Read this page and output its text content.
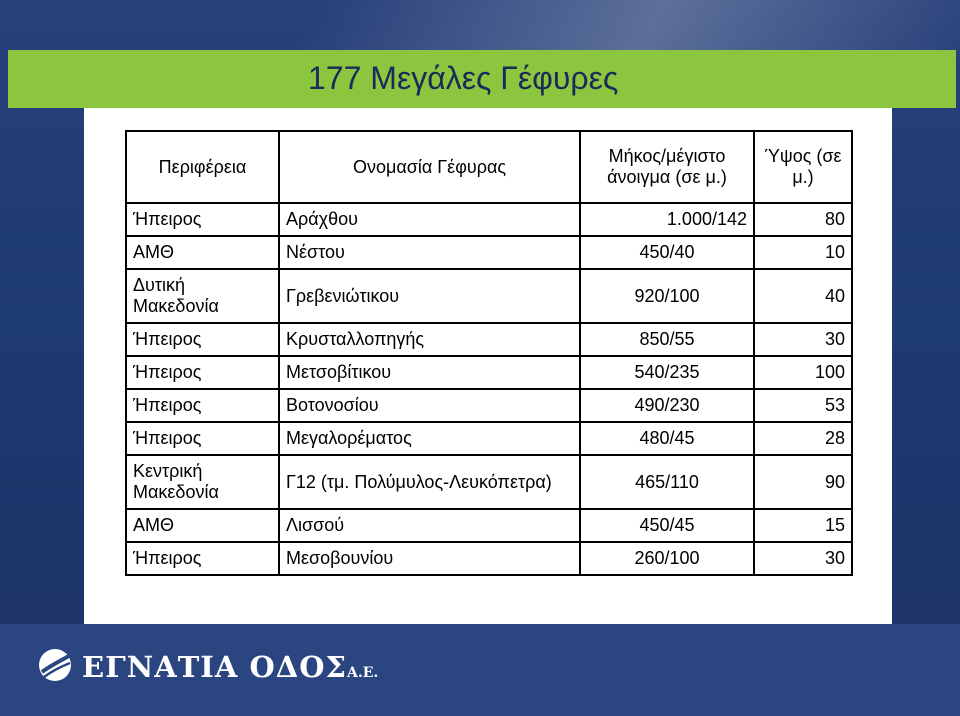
177 Μεγάλες Γέφυρες
Περιφέρεια	Ονομασία Γέφυρας	Μήκος/μέγιστο άνοιγμα (σε μ.)	Ύψος (σε μ.)
Ήπειρος	Αράχθου	1.000/142	80
ΑΜΘ	Νέστου	450/40	10
Δυτική Μακεδονία	Γρεβενιώτικου	920/100	40
Ήπειρος	Κρυσταλλοπηγής	850/55	30
Ήπειρος	Μετσοβίτικου	540/235	100
Ήπειρος	Βοτονοσίου	490/230	53
Ήπειρος	Μεγαλορέματος	480/45	28
Κεντρική Μακεδονία	Γ12 (τμ. Πολύμυλος-Λευκόπετρα)	465/110	90
ΑΜΘ	Λισσού	450/45	15
Ήπειρος	Μεσοβουνίου	260/100	30
ΕΓΝΑΤΙΑ ΟΔΟΣΑ.Ε.
